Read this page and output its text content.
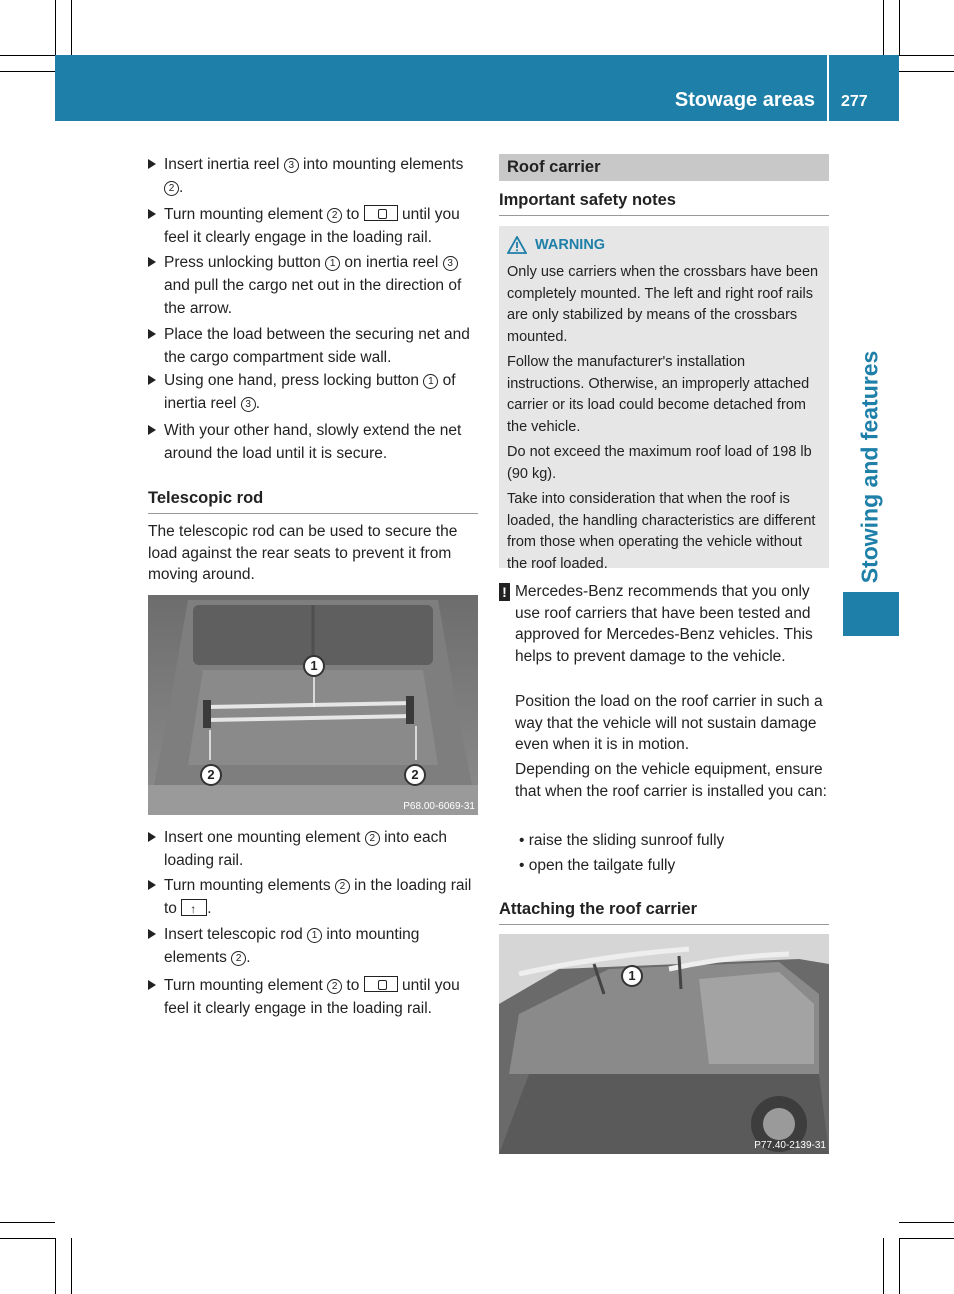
Stowage areas 277
Stowing and features
Insert inertia reel 3 into mounting elements 2 .
Turn mounting element 2 to  until you feel it clearly engage in the loading rail.
Press unlocking button 1 on inertia reel 3 and pull the cargo net out in the direction of the arrow.
Place the load between the securing net and the cargo compartment side wall.
Using one hand, press locking button 1 of inertia reel 3 .
With your other hand, slowly extend the net around the load until it is secure.
Telescopic rod
The telescopic rod can be used to secure the load against the rear seats to prevent it from moving around.
1
2	2
P68.00-6069-31
Insert one mounting element 2 into each loading rail.
Turn mounting elements 2 in the loading rail to ↑.
Insert telescopic rod 1 into mounting elements 2 .
Turn mounting element 2 to  until you feel it clearly engage in the loading rail.
Roof carrier
Important safety notes
WARNING

Only use carriers when the crossbars have been completely mounted. The left and right roof rails are only stabilized by means of the crossbars mounted.

Follow the manufacturer's installation instructions. Otherwise, an improperly attached carrier or its load could become detached from the vehicle.

Do not exceed the maximum roof load of 198 lb (90 kg).

Take into consideration that when the roof is loaded, the handling characteristics are different from those when operating the vehicle without the roof loaded.

! Mercedes-Benz recommends that you only use roof carriers that have been tested and approved for Mercedes-Benz vehicles. This helps to prevent damage to the vehicle.
Position the load on the roof carrier in such a way that the vehicle will not sustain damage even when it is in motion.
Depending on the vehicle equipment, ensure that when the roof carrier is installed you can:
• raise the sliding sunroof fully
• open the tailgate fully
Attaching the roof carrier
1
P77.40-2139-31
